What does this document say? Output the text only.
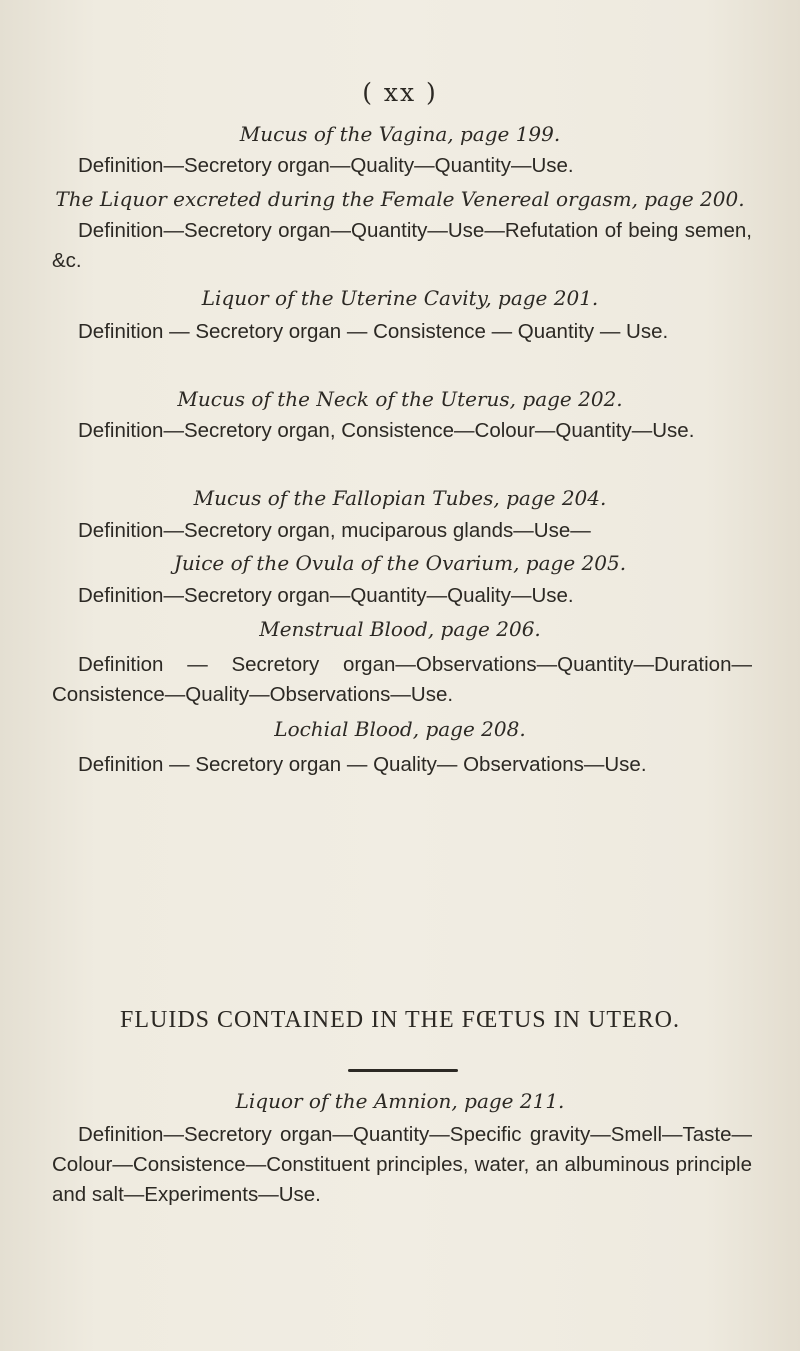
( xx )
Mucus of the Vagina, page 199.
Definition—Secretory organ—Quality—Quantity—Use.
The Liquor excreted during the Female Venereal orgasm, page 200.
Definition—Secretory organ—Quantity—Use—Refutation of being semen, &c.
Liquor of the Uterine Cavity, page 201.
Definition — Secretory organ — Consistence — Quantity — Use.
Mucus of the Neck of the Uterus, page 202.
Definition—Secretory organ, Consistence—Colour—Quantity—Use.
Mucus of the Fallopian Tubes, page 204.
Definition—Secretory organ, muciparous glands—Use—
Juice of the Ovula of the Ovarium, page 205.
Definition—Secretory organ—Quantity—Quality—Use.
Menstrual Blood, page 206.
Definition — Secretory organ—Observations—Quantity—Duration—Consistence—Quality—Observations—Use.
Lochial Blood, page 208.
Definition — Secretory organ — Quality— Observations—Use.
FLUIDS CONTAINED IN THE FŒTUS IN UTERO.
Liquor of the Amnion, page 211.
Definition—Secretory organ—Quantity—Specific gravity—Smell—Taste—Colour—Consistence—Constituent principles, water, an albuminous principle and salt—Experiments—Use.
